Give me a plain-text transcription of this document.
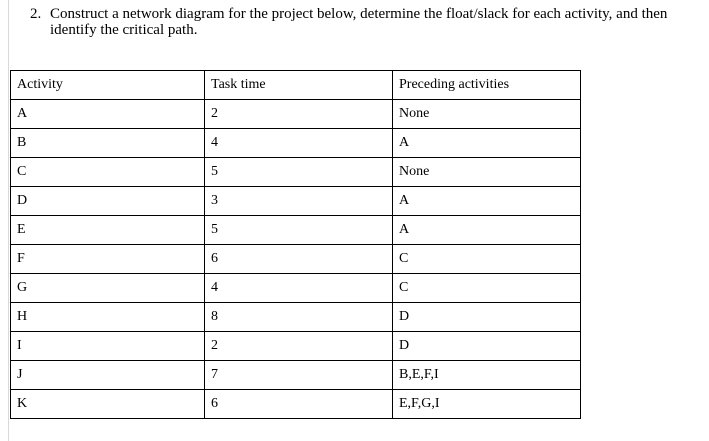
2. Construct a network diagram for the project below, determine the float/slack for each activity, and then
identify the critical path.
Activity	Task time	Preceding activities
A	2	None
B	4	A
C	5	None
D	3	A
E	5	A
F	6	C
G	4	C
H	8	D
I	2	D
J	7	B,E,F,I
K	6	E,F,G,I
